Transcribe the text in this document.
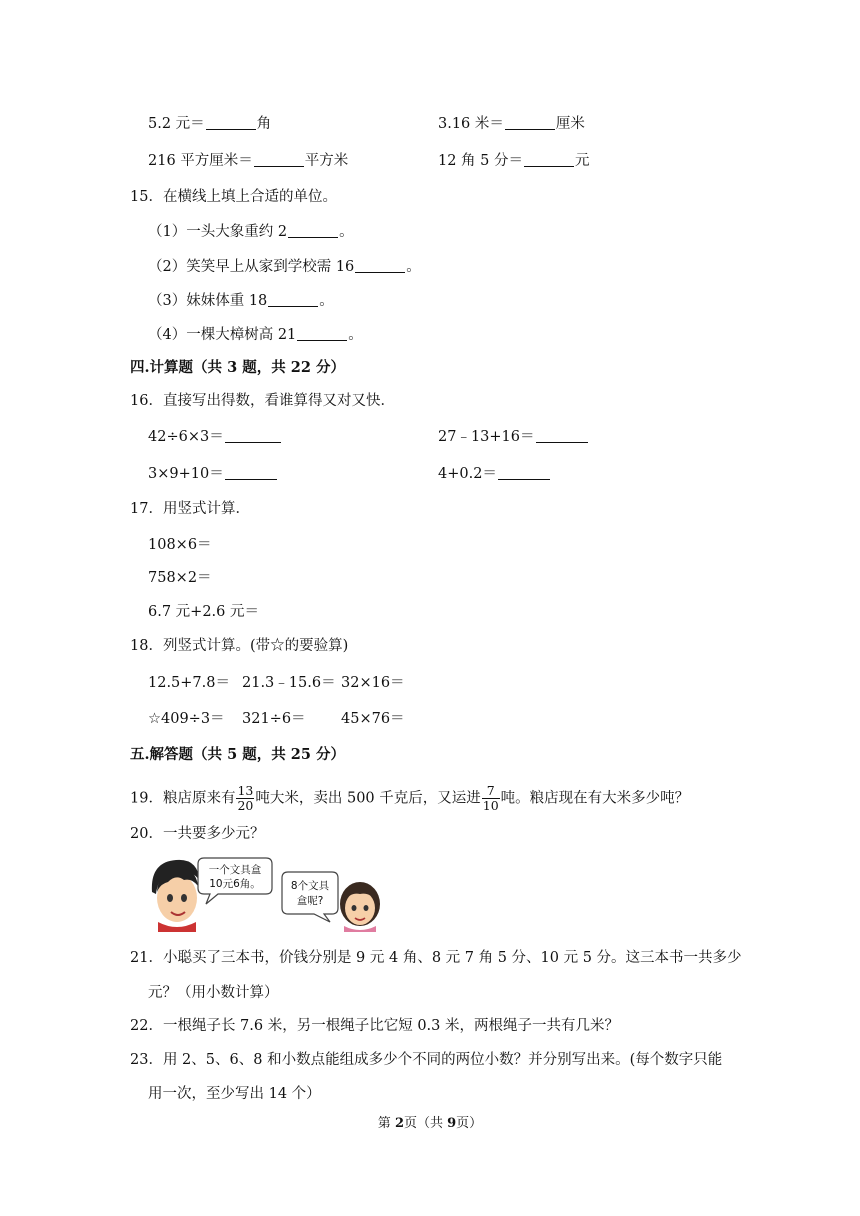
5.2 元＝	角	3.16 米＝	厘米
216 平方厘米＝	平方米	12 角 5 分＝	元
15．在横线上填上合适的单位。
（1）一头大象重约 2	。
（2）笑笑早上从家到学校需 16	。
（3）妹妹体重 18	。
（4）一棵大樟树高 21	。
四.计算题（共 3 题，共 22 分）
16．直接写出得数，看谁算得又对又快．
42÷6×3＝	27﹣13+16＝
3×9+10＝	4+0.2＝
17．用竖式计算．
108×6＝
758×2＝
6.7 元+2.6 元＝
18．列竖式计算。(带☆的要验算)
12.5+7.8＝ 21.3﹣15.6＝ 32×16＝
☆409÷3＝ 321÷6＝ 45×76＝
五.解答题（共 5 题，共 25 分）
19．粮店原来有 $\frac{13}{20}$ 吨大米，卖出 500 千克后，又运进 $\frac{7}{10}$ 吨。粮店现在有大米多少吨？
20．一共要多少元？
一个文具盒
10元6角。	8个文具
盒呢?
21．小聪买了三本书，价钱分别是 9 元 4 角、8 元 7 角 5 分、10 元 5 分。这三本书一共多少
元？（用小数计算）
22．一根绳子长 7.6 米，另一根绳子比它短 0.3 米，两根绳子一共有几米？
23．用 2、5、6、8 和小数点能组成多少个不同的两位小数？并分别写出来。(每个数字只能
用一次，至少写出 14 个）
第 2页（共 9页）
